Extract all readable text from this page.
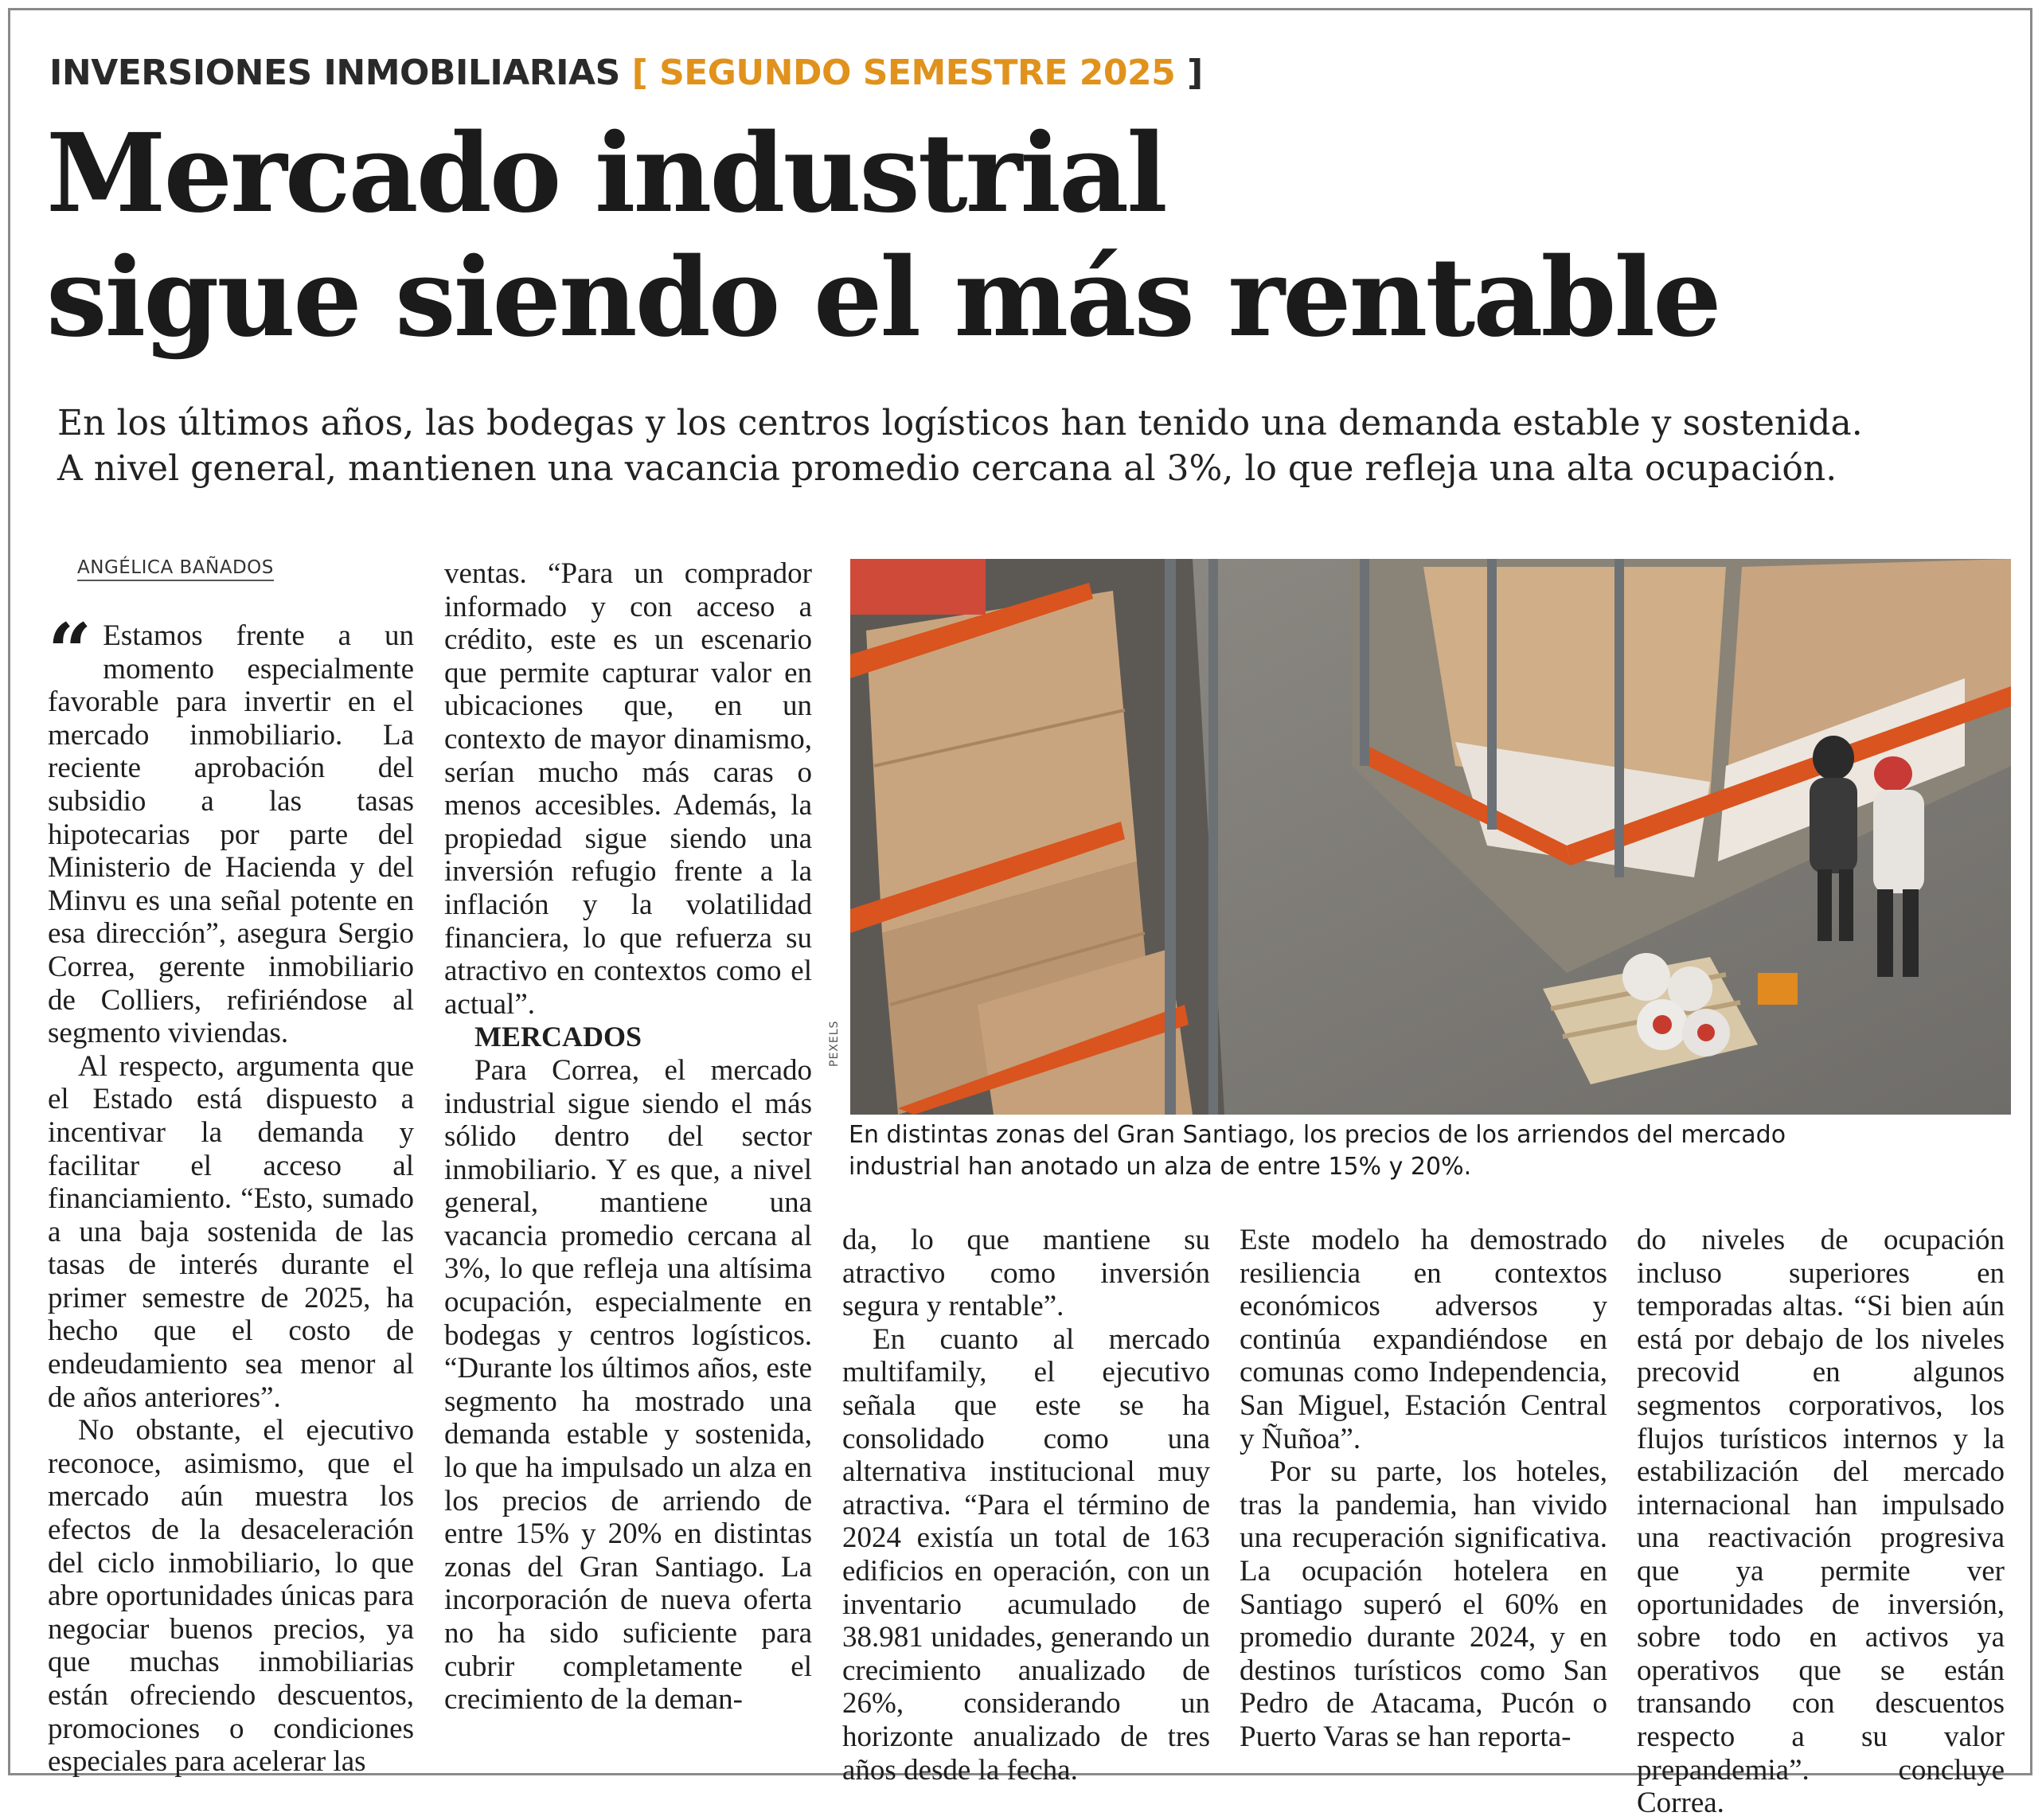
INVERSIONES INMOBILIARIAS [ SEGUNDO SEMESTRE 2025 ]
Mercado industrial
sigue siendo el más rentable
En los últimos años, las bodegas y los centros logísticos han tenido una demanda estable y sostenida.
A nivel general, mantienen una vacancia promedio cercana al 3%, lo que refleja una alta ocupación.
ANGÉLICA BAÑADOS
“ Estamos frente a un momento especialmente favorable para invertir en el mercado inmobiliario. La reciente aprobación del subsidio a las tasas hipotecarias por parte del Ministerio de Hacienda y del Minvu es una señal potente en esa dirección”, asegura Sergio Correa, gerente inmobiliario de Colliers, refiriéndose al segmento viviendas.

Al respecto, argumenta que el Estado está dispuesto a incentivar la demanda y facilitar el acceso al financiamiento. “Esto, sumado a una baja sostenida de las tasas de interés durante el primer semestre de 2025, ha hecho que el costo de endeudamiento sea menor al de años anteriores”.

No obstante, el ejecutivo reconoce, asimismo, que el mercado aún muestra los efectos de la desaceleración del ciclo inmobiliario, lo que abre oportunidades únicas para negociar buenos precios, ya que muchas inmobiliarias están ofreciendo descuentos, promociones o condiciones especiales para acelerar las

ventas. “Para un comprador informado y con acceso a crédito, este es un escenario que permite capturar valor en ubicaciones que, en un contexto de mayor dinamismo, serían mucho más caras o menos accesibles. Además, la propiedad sigue siendo una inversión refugio frente a la inflación y la volatilidad financiera, lo que refuerza su atractivo en contextos como el actual”.

MERCADOS

Para Correa, el mercado industrial sigue siendo el más sólido dentro del sector inmobiliario. Y es que, a nivel general, mantiene una vacancia promedio cercana al 3%, lo que refleja una altísima ocupación, especialmente en bodegas y centros logísticos. “Durante los últimos años, este segmento ha mostrado una demanda estable y sostenida, lo que ha impulsado un alza en los precios de arriendo de entre 15% y 20% en distintas zonas del Gran Santiago. La incorporación de nueva oferta no ha sido suficiente para cubrir completamente el crecimiento de la deman-

PEXELS
En distintas zonas del Gran Santiago, los precios de los arriendos del mercado
industrial han anotado un alza de entre 15% y 20%.

da, lo que mantiene su atractivo como inversión segura y rentable”.

En cuanto al mercado multifamily, el ejecutivo señala que este se ha consolidado como una alternativa institucional muy atractiva. “Para el término de 2024 existía un total de 163 edificios en operación, con un inventario acumulado de 38.981 unidades, generando un crecimiento anualizado de 26%, considerando un horizonte anualizado de tres años desde la fecha.

Este modelo ha demostrado resiliencia en contextos económicos adversos y continúa expandiéndose en comunas como Independencia, San Miguel, Estación Central y Ñuñoa”.

Por su parte, los hoteles, tras la pandemia, han vivido una recuperación significativa. La ocupación hotelera en Santiago superó el 60% en promedio durante 2024, y en destinos turísticos como San Pedro de Atacama, Pucón o Puerto Varas se han reporta-

do niveles de ocupación incluso superiores en temporadas altas. “Si bien aún está por debajo de los niveles precovid en algunos segmentos corporativos, los flujos turísticos internos y la estabilización del mercado internacional han impulsado una reactivación progresiva que ya permite ver oportunidades de inversión, sobre todo en activos ya operativos que se están transando con descuentos respecto a su valor prepandemia”. concluye Correa.
